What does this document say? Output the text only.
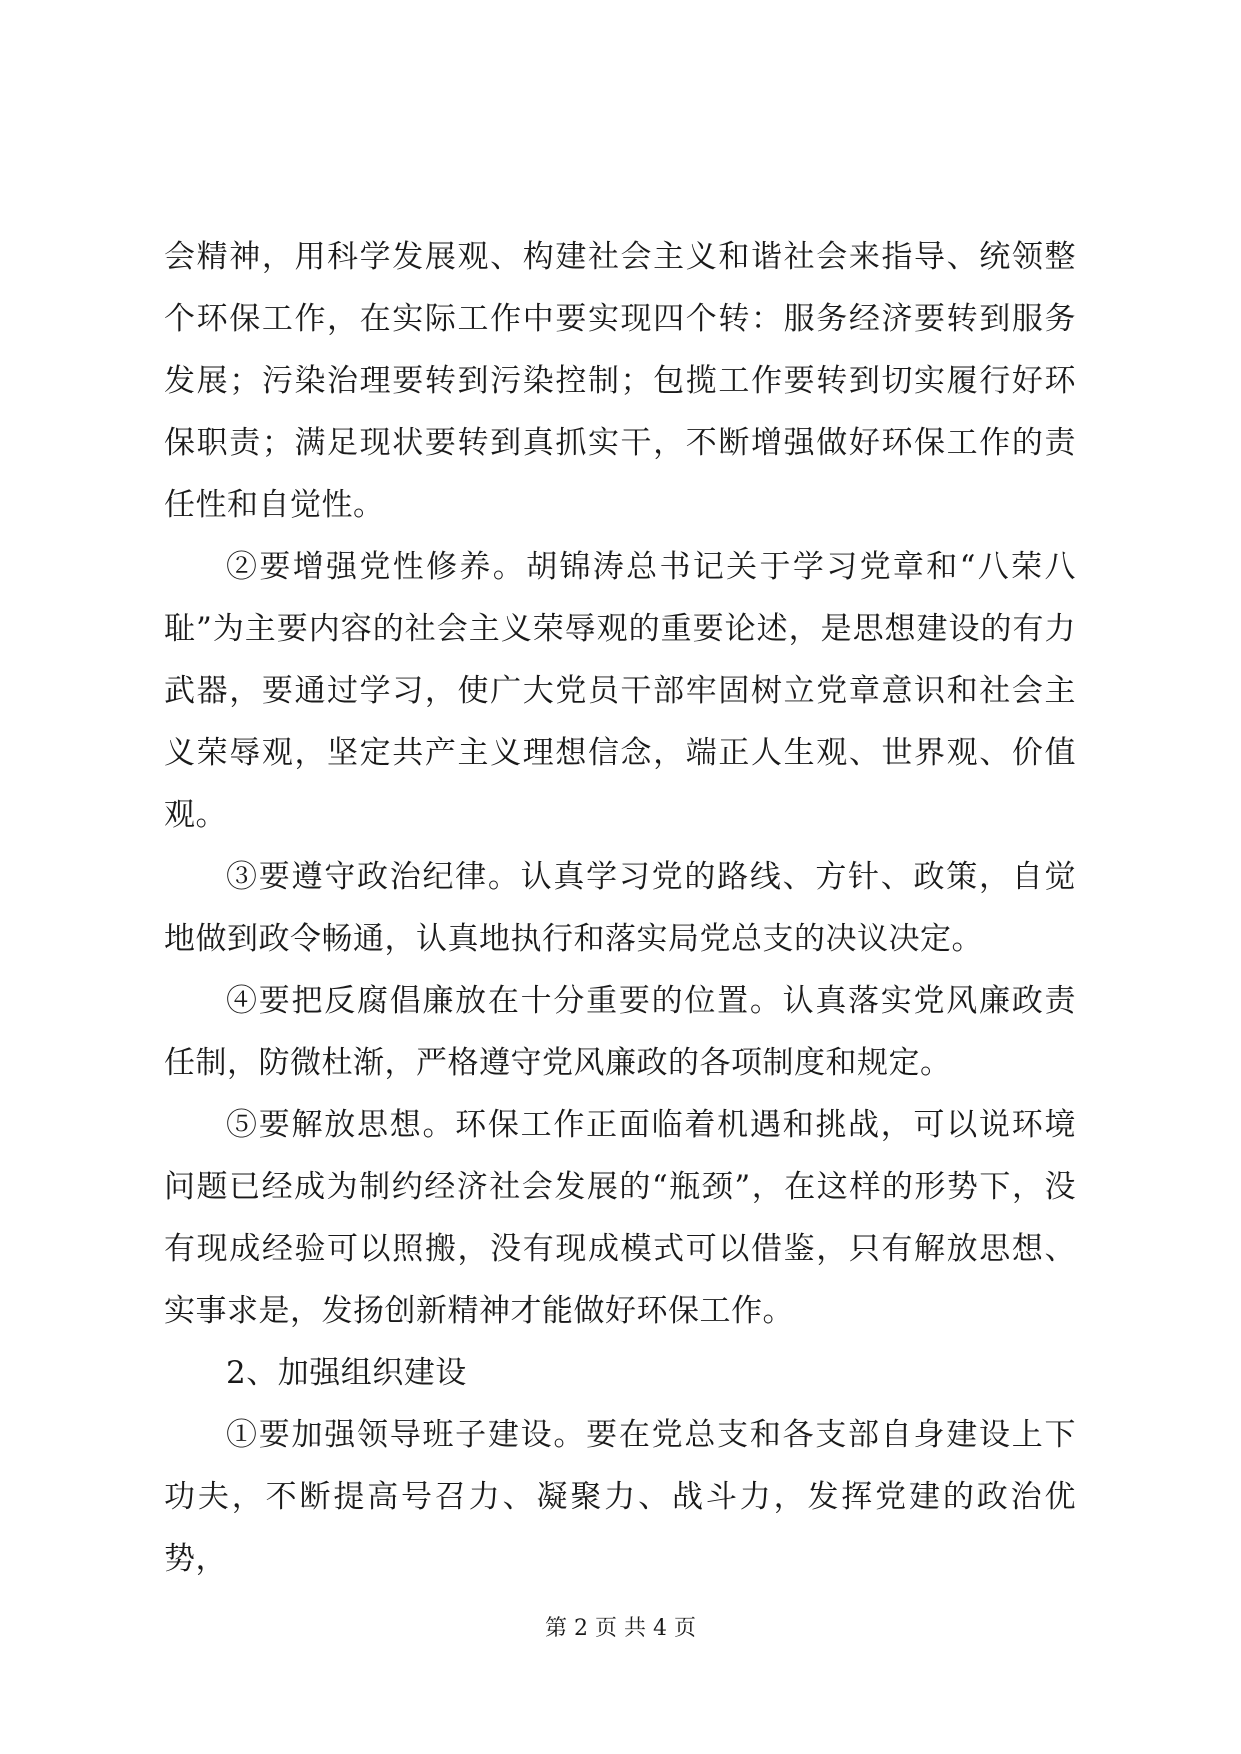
会精神，用科学发展观、构建社会主义和谐社会来指导、统领整个环保工作，在实际工作中要实现四个转：服务经济要转到服务发展；污染治理要转到污染控制；包揽工作要转到切实履行好环保职责；满足现状要转到真抓实干，不断增强做好环保工作的责任性和自觉性。

②要增强党性修养。胡锦涛总书记关于学习党章和“八荣八耻”为主要内容的社会主义荣辱观的重要论述，是思想建设的有力武器，要通过学习，使广大党员干部牢固树立党章意识和社会主义荣辱观，坚定共产主义理想信念，端正人生观、世界观、价值观。

③要遵守政治纪律。认真学习党的路线、方针、政策，自觉地做到政令畅通，认真地执行和落实局党总支的决议决定。

④要把反腐倡廉放在十分重要的位置。认真落实党风廉政责任制，防微杜渐，严格遵守党风廉政的各项制度和规定。

⑤要解放思想。环保工作正面临着机遇和挑战，可以说环境问题已经成为制约经济社会发展的“瓶颈”，在这样的形势下，没有现成经验可以照搬，没有现成模式可以借鉴，只有解放思想、实事求是，发扬创新精神才能做好环保工作。

2、加强组织建设

①要加强领导班子建设。要在党总支和各支部自身建设上下功夫，不断提高号召力、凝聚力、战斗力，发挥党建的政治优势，

第 2 页 共 4 页
